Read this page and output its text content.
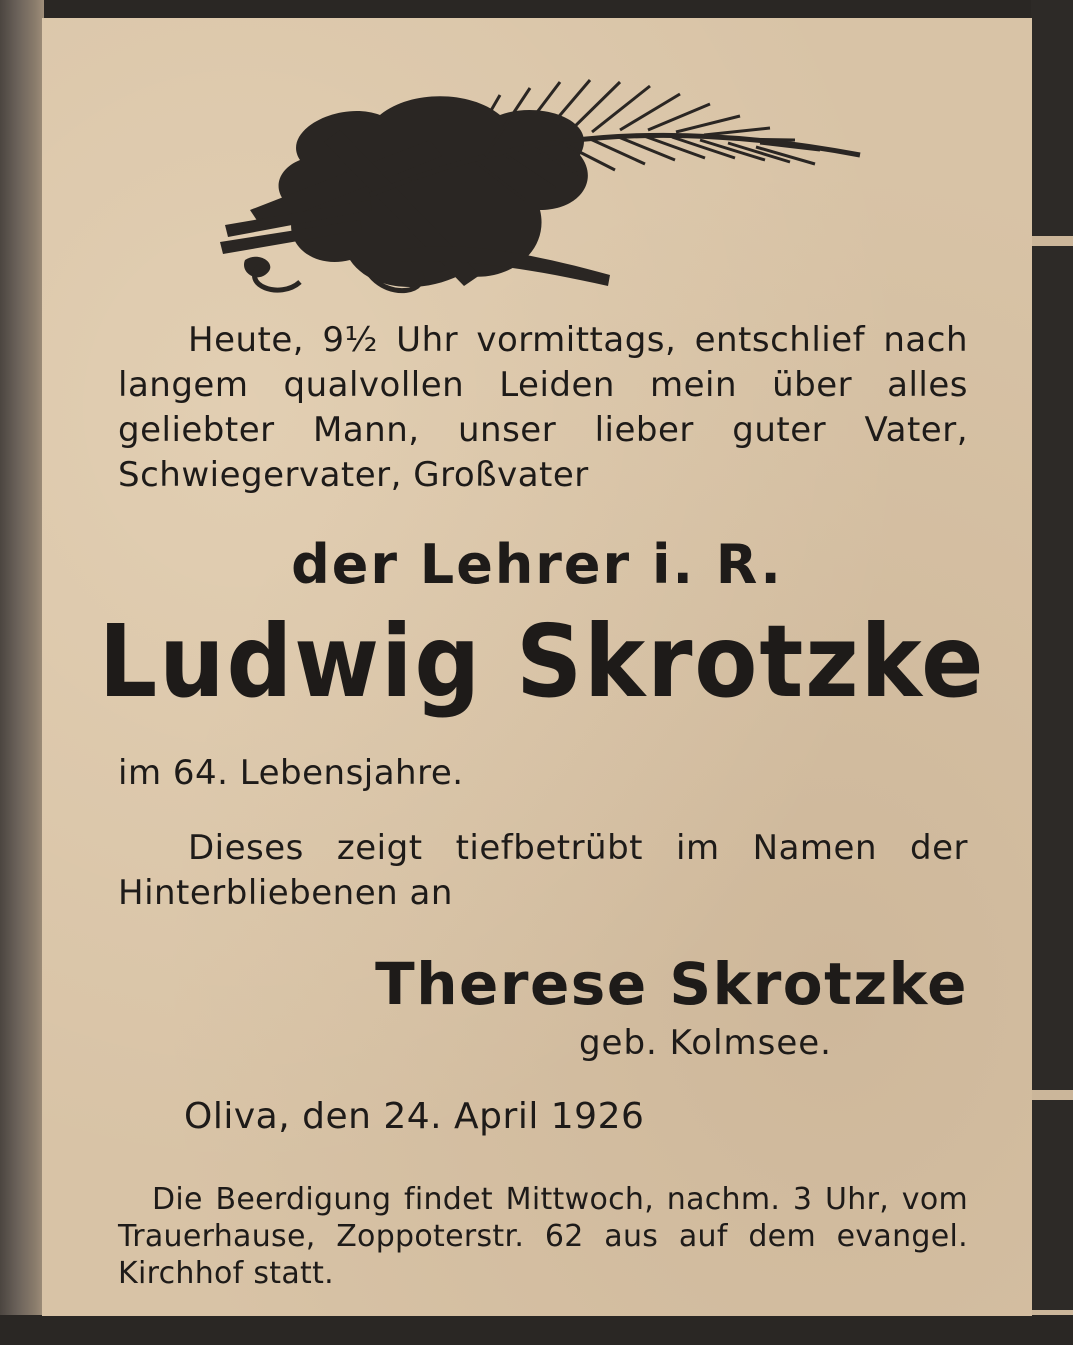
Heute, 9½ Uhr vormittags, entschlief nach langem qualvollen Leiden mein über alles geliebter Mann, unser lieber guter Vater, Schwiegervater, Großvater
der Lehrer i. R.
Ludwig Skrotzke
im 64. Lebensjahre.
Dieses zeigt tiefbetrübt im Namen der Hinterbliebenen an
Therese Skrotzke
geb. Kolmsee.
Oliva, den 24. April 1926
Die Beerdigung findet Mittwoch, nachm. 3 Uhr, vom Trauerhause, Zoppoterstr. 62 aus auf dem evangel. Kirchhof statt.
